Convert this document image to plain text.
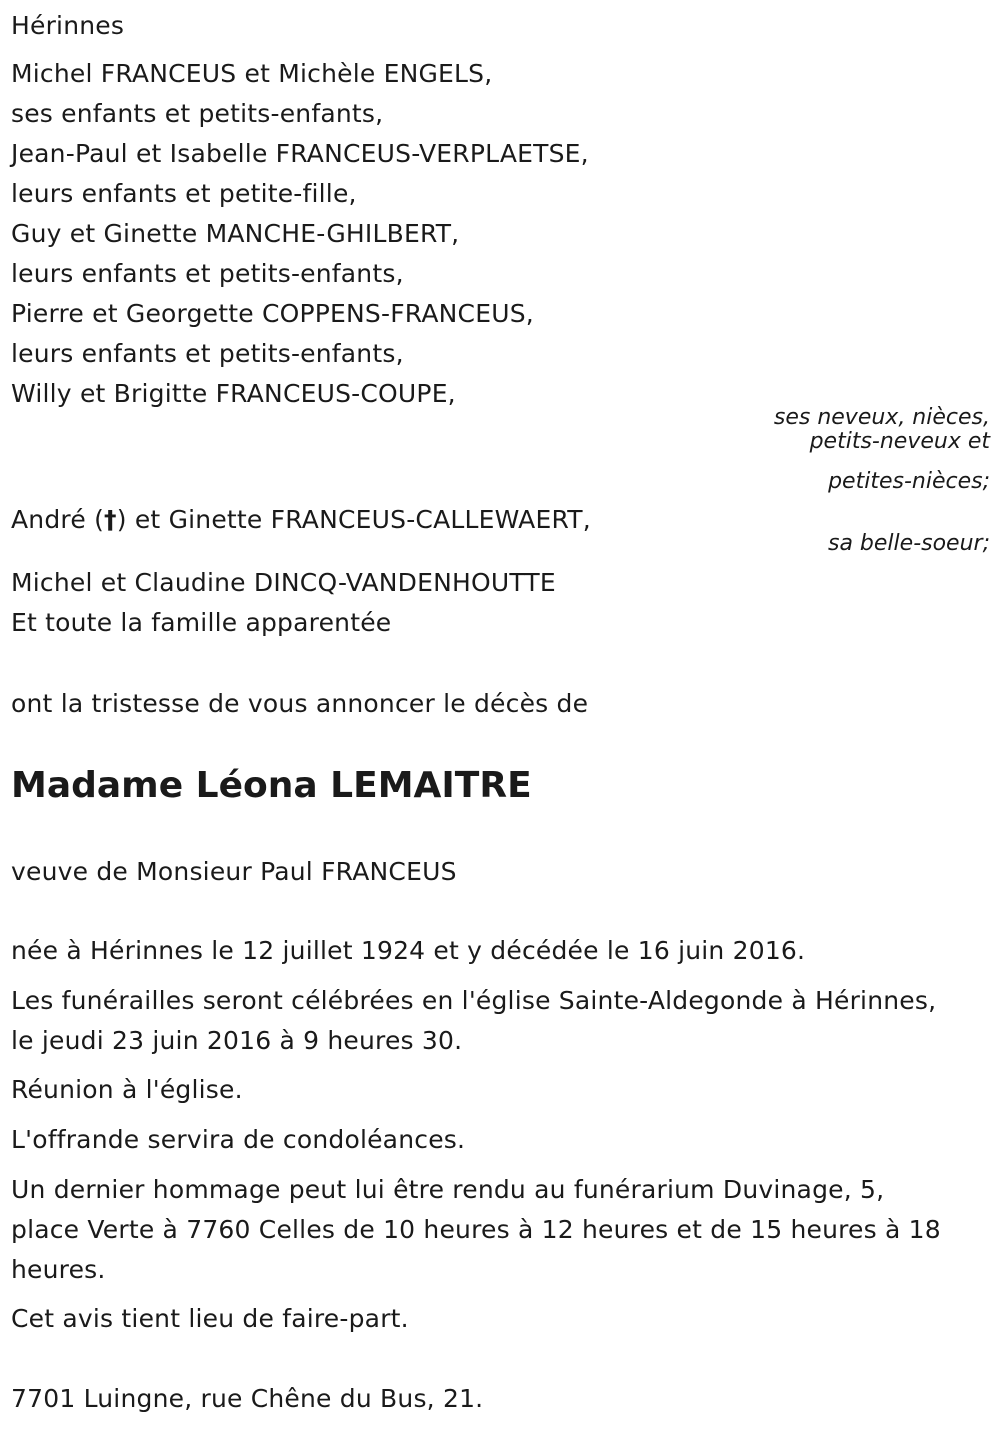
Hérinnes
Michel FRANCEUS et Michèle ENGELS,
ses enfants et petits-enfants,
Jean-Paul et Isabelle FRANCEUS-VERPLAETSE,
leurs enfants et petite-fille,
Guy et Ginette MANCHE-GHILBERT,
leurs enfants et petits-enfants,
Pierre et Georgette COPPENS-FRANCEUS,
leurs enfants et petits-enfants,
Willy et Brigitte FRANCEUS-COUPE,
ses neveux, nièces,
petits-neveux et
petites-nièces;
André (†) et Ginette FRANCEUS-CALLEWAERT,
sa belle-soeur;
Michel et Claudine DINCQ-VANDENHOUTTE
Et toute la famille apparentée
ont la tristesse de vous annoncer le décès de
Madame Léona LEMAITRE
veuve de Monsieur Paul FRANCEUS
née à Hérinnes le 12 juillet 1924 et y décédée le 16 juin 2016.
Les funérailles seront célébrées en l'église Sainte-Aldegonde à Hérinnes,
le jeudi 23 juin 2016 à 9 heures 30.
Réunion à l'église.
L'offrande servira de condoléances.
Un dernier hommage peut lui être rendu au funérarium Duvinage, 5,
place Verte à 7760 Celles de 10 heures à 12 heures et de 15 heures à 18
heures.
Cet avis tient lieu de faire-part.
7701 Luingne, rue Chêne du Bus, 21.
